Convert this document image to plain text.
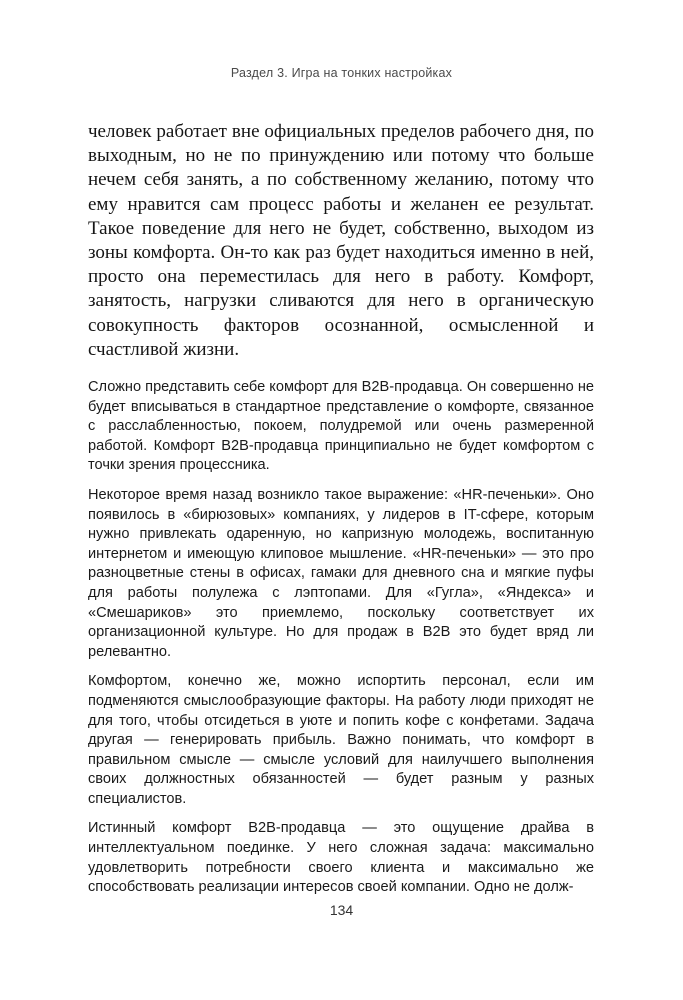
Раздел 3. Игра на тонких настройках

человек работает вне официальных пределов рабочего дня, по выходным, но не по принуждению или потому что больше нечем себя занять, а по собственному желанию, потому что ему нравится сам процесс работы и желанен ее результат. Такое поведение для него не будет, собственно, выходом из зоны комфорта. Он-то как раз будет находиться именно в ней, просто она переместилась для него в работу. Комфорт, занятость, нагрузки сливаются для него в органическую совокупность факторов осознанной, осмысленной и счастливой жизни.

Сложно представить себе комфорт для B2B-продавца. Он совершенно не будет вписываться в стандартное представление о комфорте, связанное с расслабленностью, покоем, полудремой или очень размеренной работой. Комфорт B2B-продавца принципиально не будет комфортом с точки зрения процессника.

Некоторое время назад возникло такое выражение: «HR-печеньки». Оно появилось в «бирюзовых» компаниях, у лидеров в IT-сфере, которым нужно привлекать одаренную, но капризную молодежь, воспитанную интернетом и имеющую клиповое мышление. «HR-печеньки» — это про разноцветные стены в офисах, гамаки для дневного сна и мягкие пуфы для работы полулежа с лэптопами. Для «Гугла», «Яндекса» и «Смешариков» это приемлемо, поскольку соответствует их организационной культуре. Но для продаж в B2B это будет вряд ли релевантно.

Комфортом, конечно же, можно испортить персонал, если им подменяются смыслообразующие факторы. На работу люди приходят не для того, чтобы отсидеться в уюте и попить кофе с конфетами. Задача другая — генерировать прибыль. Важно понимать, что комфорт в правильном смысле — смысле условий для наилучшего выполнения своих должностных обязанностей — будет разным у разных специалистов.

Истинный комфорт B2B-продавца — это ощущение драйва в интеллектуальном поединке. У него сложная задача: максимально удовлетворить потребности своего клиента и максимально же способствовать реализации интересов своей компании. Одно не долж-

134
